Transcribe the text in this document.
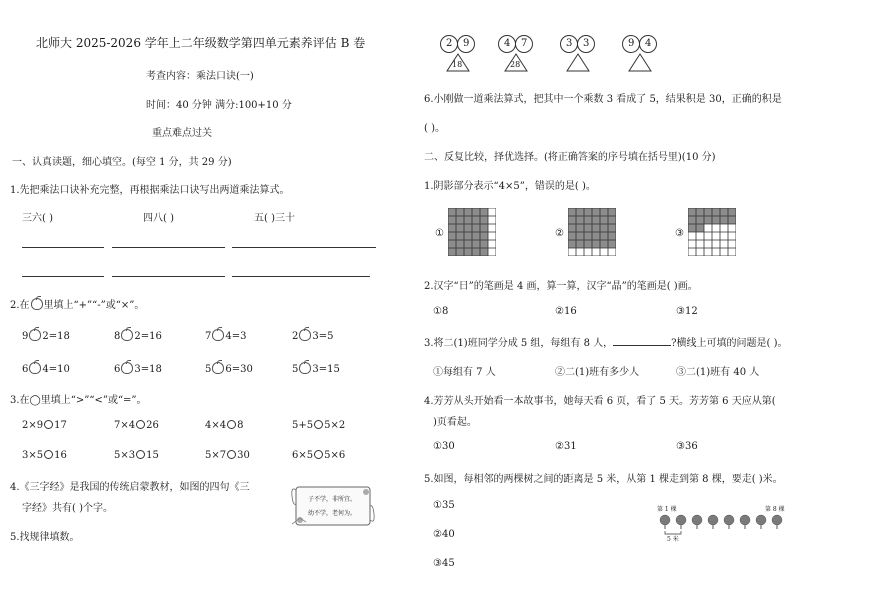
北师大 2025-2026 学年上二年级数学第四单元素养评估 B 卷
考查内容：乘法口诀(一)
时间：40 分钟 满分:100+10 分
重点难点过关
一、认真读题，细心填空。(每空 1 分，共 29 分)
1.先把乘法口诀补充完整，再根据乘法口诀写出两道乘法算式。
三六( )	四八( )	五( )三十
2.在 里填上“+”“-”或“×”。
9 2=18	8 2=16	7 4=3	2 3=5
6 4=10	6 3=18	5 6=30	5 3=15
3.在◯里填上“>”“<”或“=”。
2×9 17	7×4 26	4×4 8	5+5 5×2
3×5 16	5×3 15	5×7 30	6×5 5×6
4.《三字经》是我国的传统启蒙教材，如图的四句《三
字经》共有( )个字。
子不学，非所宜。
幼不学，老何为。
5.找规律填数。
2 9
18
4 7
28
3 3	9 4
6.小刚做一道乘法算式，把其中一个乘数 3 看成了 5，结果积是 30，正确的积是
( )。
二、反复比较，择优选择。(将正确答案的序号填在括号里)(10 分)
1.阴影部分表示“4×5”，错误的是( )。
①	②	③
2.汉字“日”的笔画是 4 画，算一算，汉字“晶”的笔画是( )画。
①8	②16	③12
3.将二(1)班同学分成 5 组，每组有 8 人，	?横线上可填的问题是( )。
①每组有 7 人	②二(1)班有多少人	③二(1)班有 40 人
4.芳芳从头开始看一本故事书，她每天看 6 页，看了 5 天。芳芳第 6 天应从第(
)页看起。
①30	②31	③36
5.如图，每相邻的两棵树之间的距离是 5 米，从第 1 棵走到第 8 棵，要走( )米。
①35
②40
③45
第 1 棵	第 8 棵
5 米
